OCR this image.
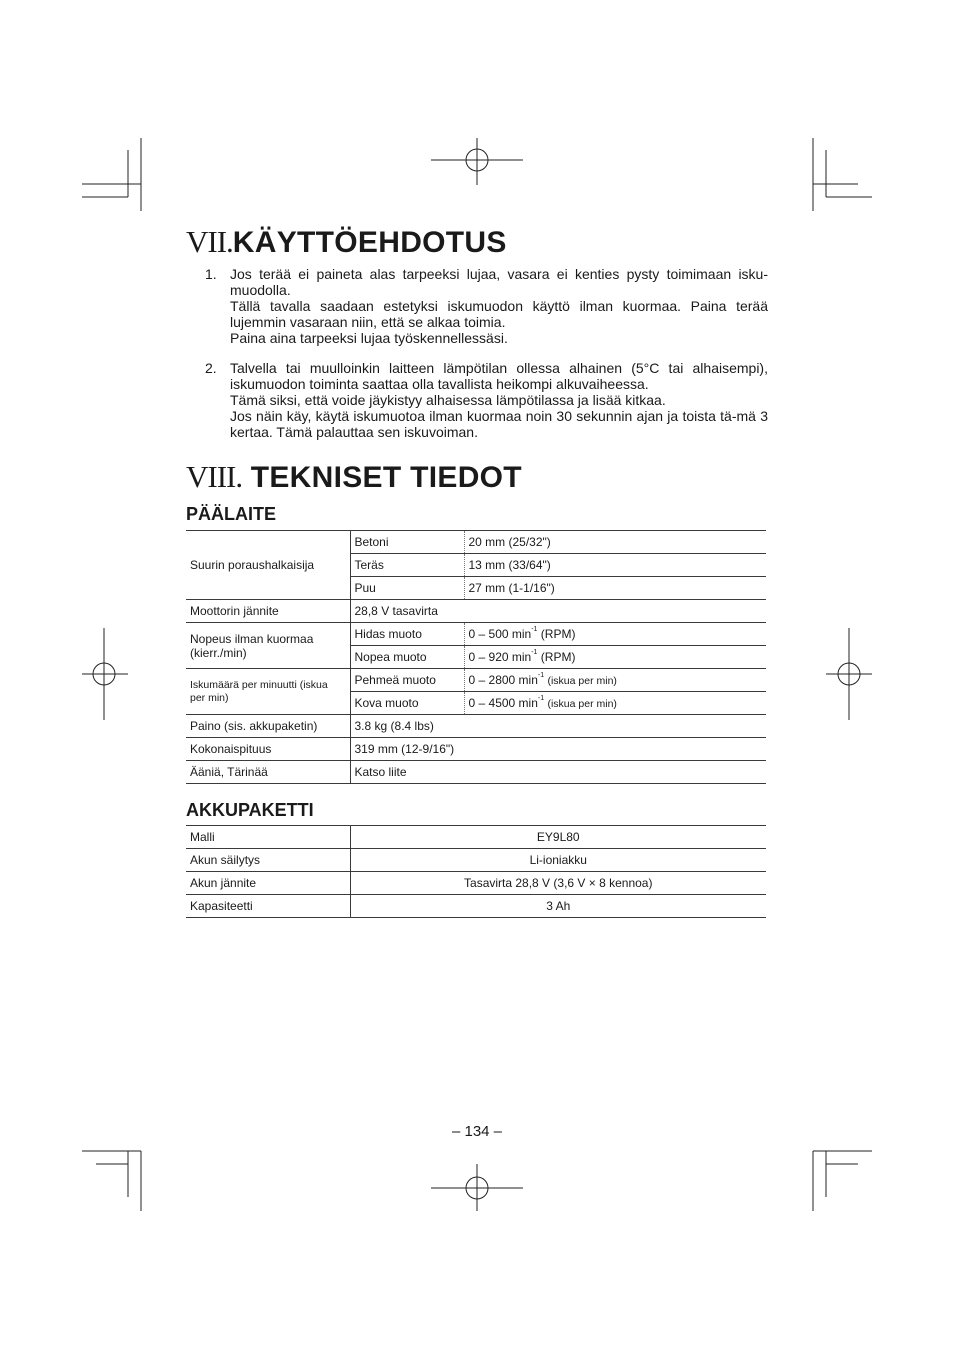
VII.KÄYTTÖEHDOTUS
1. Jos terää ei paineta alas tarpeeksi lujaa, vasara ei kenties pysty toimimaan isku-muodolla.

Tällä tavalla saadaan estetyksi iskumuodon käyttö ilman kuormaa. Paina terää lujemmin vasaraan niin, että se alkaa toimia.

Paina aina tarpeeksi lujaa työskennellessäsi.

2. Talvella tai muulloinkin laitteen lämpötilan ollessa alhainen (5°C tai alhaisempi), iskumuodon toiminta saattaa olla tavallista heikompi alkuvaiheessa.

Tämä siksi, että voide jäykistyy alhaisessa lämpötilassa ja lisää kitkaa.

Jos näin käy, käytä iskumuotoa ilman kuormaa noin 30 sekunnin ajan ja toista tä-mä 3 kertaa. Tämä palauttaa sen iskuvoiman.

VIII. TEKNISET TIEDOT
PÄÄLAITE
Suurin poraushalkaisija	Betoni	20 mm (25/32")
	Teräs	13 mm (33/64")
	Puu	27 mm (1-1/16")
Moottorin jännite	28,8 V tasavirta	
Nopeus ilman kuormaa (kierr./min)	Hidas muoto	0 – 500 $\min^{-1} (RPM)$
	Nopea muoto	0 – 920 $\min^{-1} (RPM)$
Iskumäärä per minuutti (iskua per min)	Pehmeä muoto	0 – 2800 $\min^{-1}$ (iskua per min)
	Kova muoto	0 – 4500 $\min^{-1}$ (iskua per min)
Paino (sis. akkupaketin)	3.8 kg (8.4 lbs)	
Kokonaispituus	319 mm (12-9/16")	
Ääniä, Tärinää	Katso liite	
AKKUPAKETTI
Malli	EY9L80
Akun säilytys	Li-ioniakku
Akun jännite	Tasavirta 28,8 V (3,6 V × 8 kennoa)
Kapasiteetti	3 Ah
– 134 –
